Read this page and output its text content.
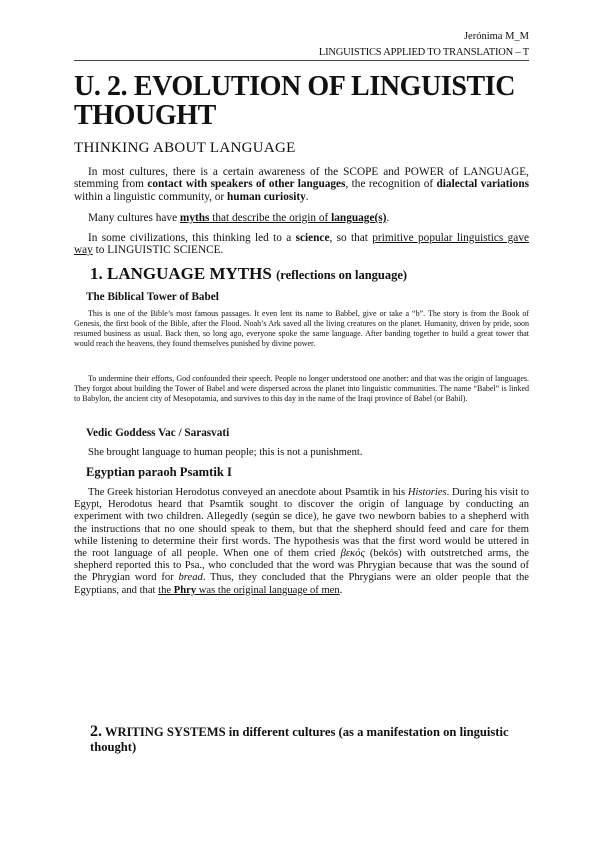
Jerónima M_M
LINGUISTICS APPLIED TO TRANSLATION – T
U. 2. EVOLUTION OF LINGUISTIC THOUGHT
THINKING ABOUT LANGUAGE

In most cultures, there is a certain awareness of the SCOPE and POWER of LANGUAGE, stemming from contact with speakers of other languages, the recognition of dialectal variations within a linguistic community, or human curiosity.

Many cultures have myths that describe the origin of language(s).

In some civilizations, this thinking led to a science, so that primitive popular linguistics gave way to LINGUISTIC SCIENCE.

1. LANGUAGE MYTHS (reflections on language)
The Biblical Tower of Babel

This is one of the Bible’s most famous passages. It even lent its name to Babbel, give or take a “b”. The story is from the Book of Genesis, the first book of the Bible, after the Flood. Noah’s Ark saved all the living creatures on the planet. Humanity, driven by pride, soon resumed business as usual. Back then, so long ago, everyone spoke the same language. After banding together to build a great tower that would reach the heavens, they found themselves punished by divine power.

To undermine their efforts, God confounded their speech. People no longer understood one another: and that was the origin of languages. They forgot about building the Tower of Babel and were dispersed across the planet into linguistic communities. The name “Babel” is linked to Babylon, the ancient city of Mesopotamia, and survives to this day in the name of the Iraqi province of Babel (or Babil).

Vedic Goddess Vac / Sarasvati

She brought language to human people; this is not a punishment.

Egyptian paraoh Psamtik I

The Greek historian Herodotus conveyed an anecdote about Psamtik in his Histories. During his visit to Egypt, Herodotus heard that Psamtik sought to discover the origin of language by conducting an experiment with two children. Allegedly (según se dice), he gave two newborn babies to a shepherd with the instructions that no one should speak to them, but that the shepherd should feed and care for them while listening to determine their first words. The hypothesis was that the first word would be uttered in the root language of all people. When one of them cried βεκός (bekós) with outstretched arms, the shepherd reported this to Psa., who concluded that the word was Phrygian because that was the sound of the Phrygian word for bread. Thus, they concluded that the Phrygians were an older people that the Egyptians, and that the Phry was the original language of men.

2. WRITING SYSTEMS in different cultures (as a manifestation on linguistic thought)
